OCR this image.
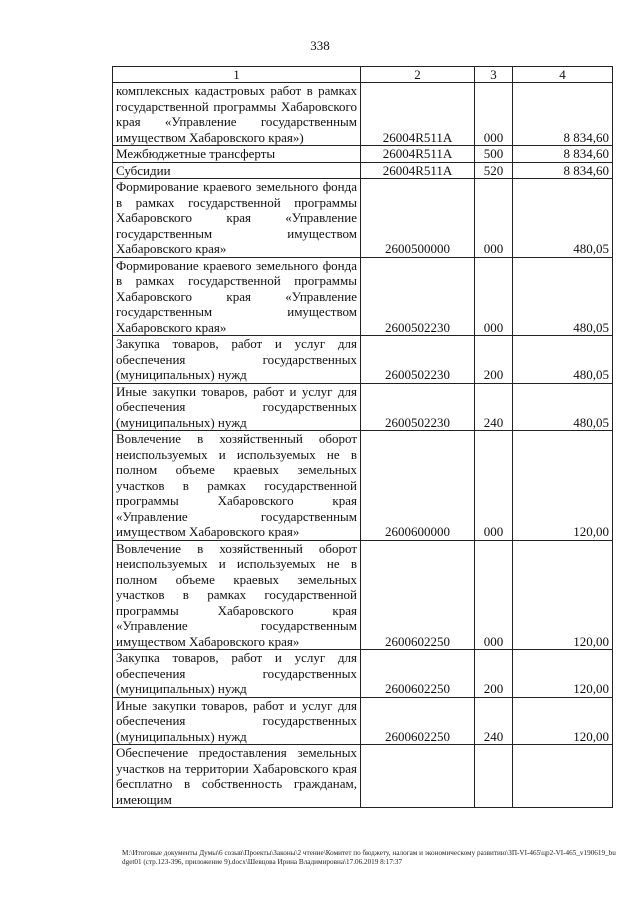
338
1	2	3	4
комплексных кадастровых работ в рамках государственной программы Хабаровского края «Управление государственным имуществом Хабаровского края»)	26004R511A	000	8 834,60
Межбюджетные трансферты	26004R511A	500	8 834,60
Субсидии	26004R511A	520	8 834,60
Формирование краевого земельного фонда в рамках государственной программы Хабаровского края «Управление государственным имуществом Хабаровского края»	2600500000	000	480,05
Формирование краевого земельного фонда в рамках государственной программы Хабаровского края «Управление государственным имуществом Хабаровского края»	2600502230	000	480,05
Закупка товаров, работ и услуг для обеспечения государственных (муниципальных) нужд	2600502230	200	480,05
Иные закупки товаров, работ и услуг для обеспечения государственных (муниципальных) нужд	2600502230	240	480,05
Вовлечение в хозяйственный оборот неиспользуемых и используемых не в полном объеме краевых земельных участков в рамках государственной программы Хабаровского края «Управление государственным имуществом Хабаровского края»	2600600000	000	120,00
Вовлечение в хозяйственный оборот неиспользуемых и используемых не в полном объеме краевых земельных участков в рамках государственной программы Хабаровского края «Управление государственным имуществом Хабаровского края»	2600602250	000	120,00
Закупка товаров, работ и услуг для обеспечения государственных (муниципальных) нужд	2600602250	200	120,00
Иные закупки товаров, работ и услуг для обеспечения государственных (муниципальных) нужд	2600602250	240	120,00
Обеспечение предоставления земельных участков на территории Хабаровского края бесплатно в собственность гражданам, имеющим			
М:\Итоговые документы Думы\6 созыв\Проекты\Законы\2 чтение\Комитет по бюджету, налогам и экономическому развитию\ЗП-VI-465\цр2-VI-465_v190619_budget01 (стр.123-396, приложение 9).docx\Шевцова Ирина Владимировна\17.06.2019 8:17:37
